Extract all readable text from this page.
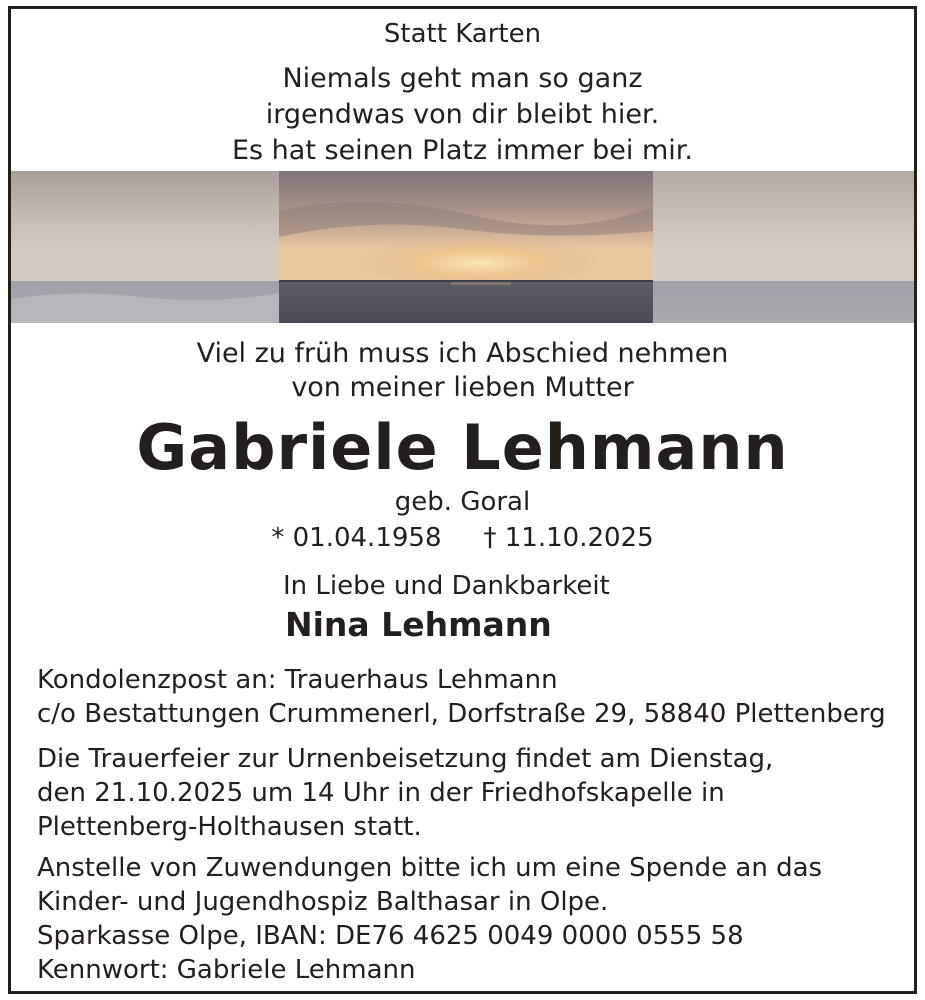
Statt Karten
Niemals geht man so ganz
irgendwas von dir bleibt hier.
Es hat seinen Platz immer bei mir.
Viel zu früh muss ich Abschied nehmen
von meiner lieben Mutter
Gabriele Lehmann
geb. Goral
* 01.04.1958 † 11.10.2025
In Liebe und Dankbarkeit
Nina Lehmann
Kondolenzpost an: Trauerhaus Lehmann
c/o Bestattungen Crummenerl, Dorfstraße 29, 58840 Plettenberg
Die Trauerfeier zur Urnenbeisetzung findet am Dienstag,
den 21.10.2025 um 14 Uhr in der Friedhofskapelle in
Plettenberg-Holthausen statt.
Anstelle von Zuwendungen bitte ich um eine Spende an das
Kinder- und Jugendhospiz Balthasar in Olpe.
Sparkasse Olpe, IBAN: DE76 4625 0049 0000 0555 58
Kennwort: Gabriele Lehmann
